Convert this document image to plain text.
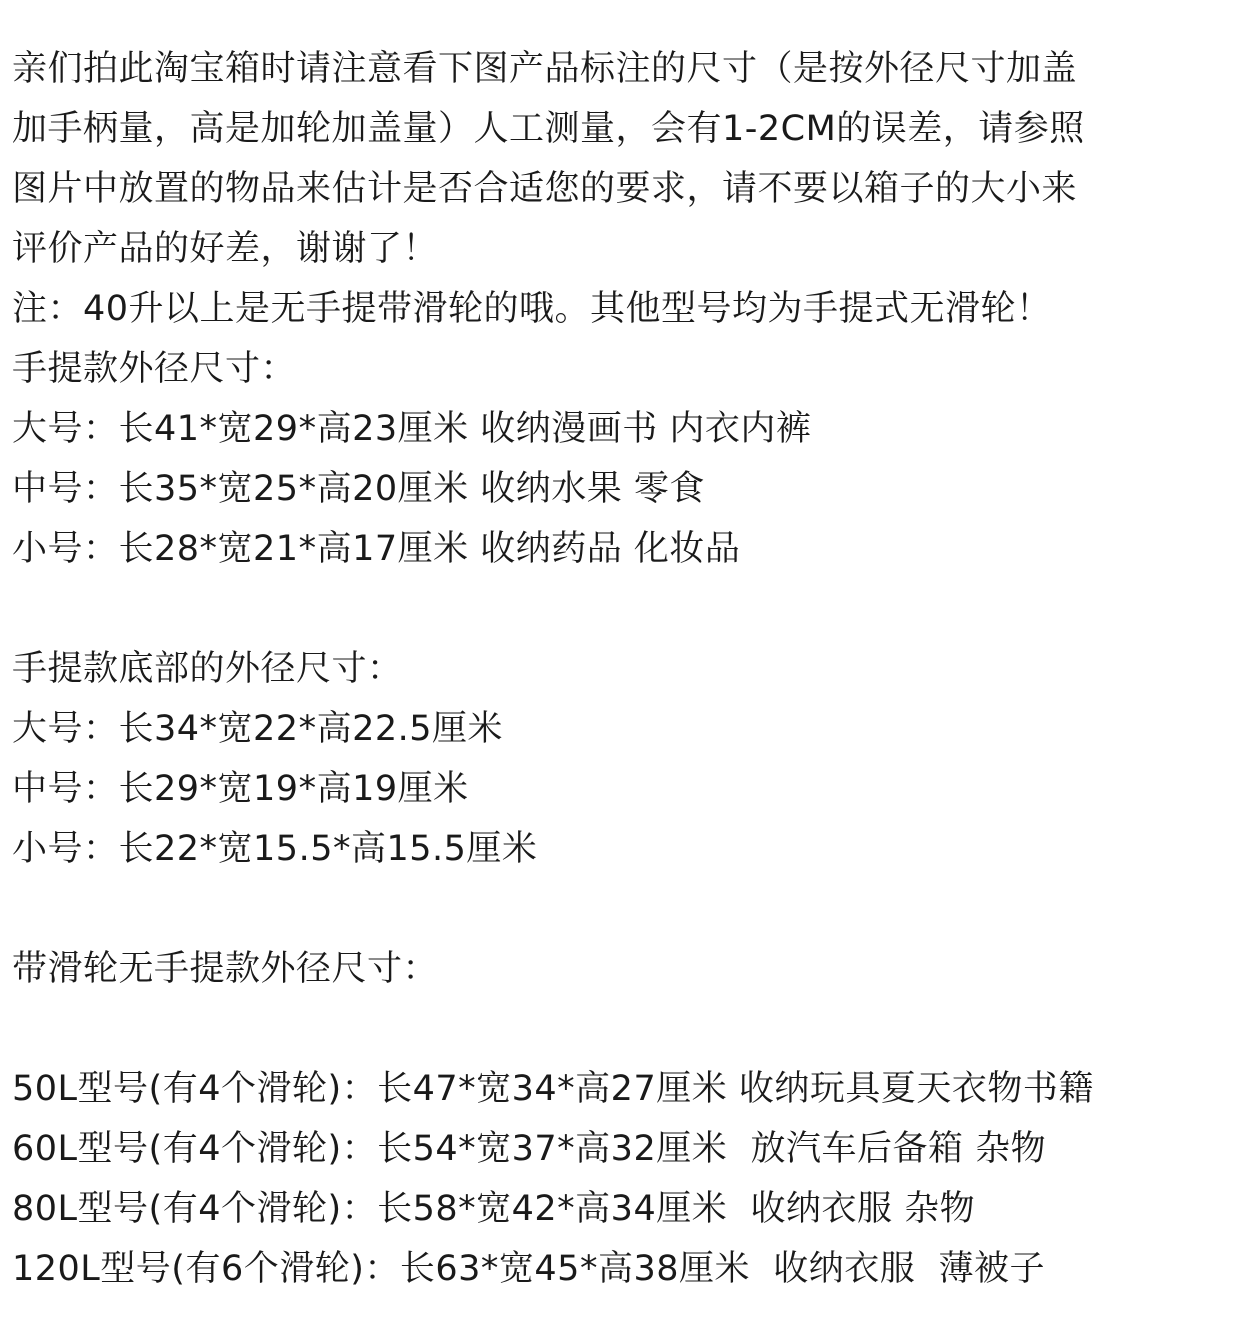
亲们拍此淘宝箱时请注意看下图产品标注的尺寸（是按外径尺寸加盖
加手柄量，高是加轮加盖量）人工测量，会有1-2CM的误差，请参照
图片中放置的物品来估计是否合适您的要求，请不要以箱子的大小来
评价产品的好差，谢谢了！
注：40升以上是无手提带滑轮的哦。其他型号均为手提式无滑轮！
手提款外径尺寸：
大号：长41*宽29*高23厘米 收纳漫画书 内衣内裤
中号：长35*宽25*高20厘米 收纳水果 零食
小号：长28*宽21*高17厘米 收纳药品 化妆品
手提款底部的外径尺寸：
大号：长34*宽22*高22.5厘米
中号：长29*宽19*高19厘米
小号：长22*宽15.5*高15.5厘米
带滑轮无手提款外径尺寸：
50L型号(有4个滑轮)：长47*宽34*高27厘米 收纳玩具夏天衣物书籍
60L型号(有4个滑轮)：长54*宽37*高32厘米  放汽车后备箱 杂物
80L型号(有4个滑轮)：长58*宽42*高34厘米  收纳衣服 杂物
120L型号(有6个滑轮)：长63*宽45*高38厘米  收纳衣服  薄被子
